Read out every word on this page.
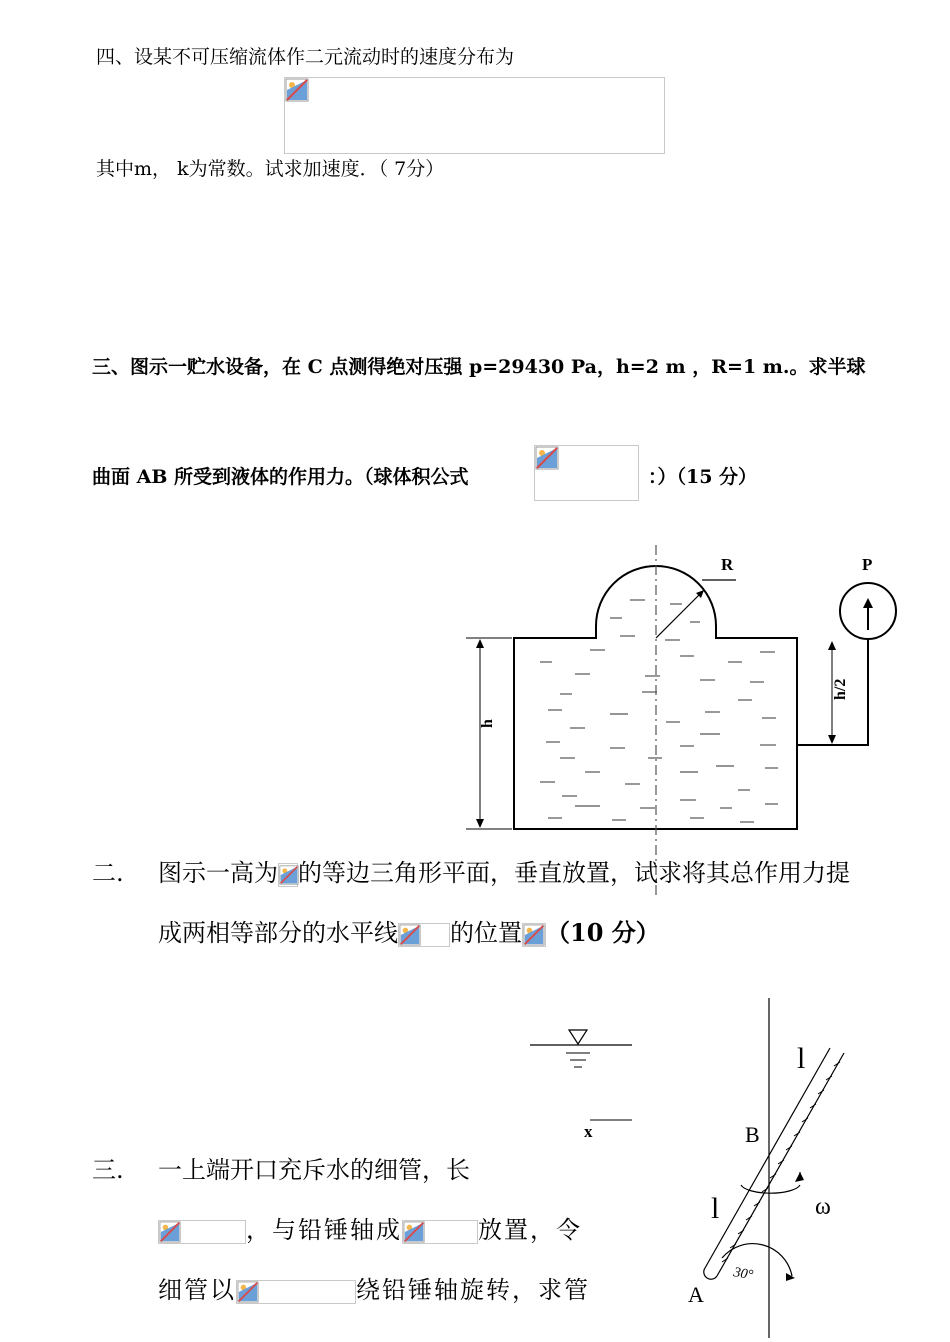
四、设某不可压缩流体作二元流动时的速度分布为
其中m， k为常数。试求加速度．（ 7分）
三、图示一贮水设备，在 C 点测得绝对压强 p=29430 Pa，h=2 m ，R=1 m.。求半球
曲面 AB 所受到液体的作用力。（球体积公式	：）（15 分）
R	P
h/2
h
二. 图示一高为 的等边三角形平面，垂直放置，试求将其总作用力提
成两相等部分的水平线 的位置 （10 分）
x
三. 一上端开口充斥水的细管，长
，与铅锤轴成	放置，令
细管以	绕铅锤轴旋转，求管
30°
l
B
l	ω
A
